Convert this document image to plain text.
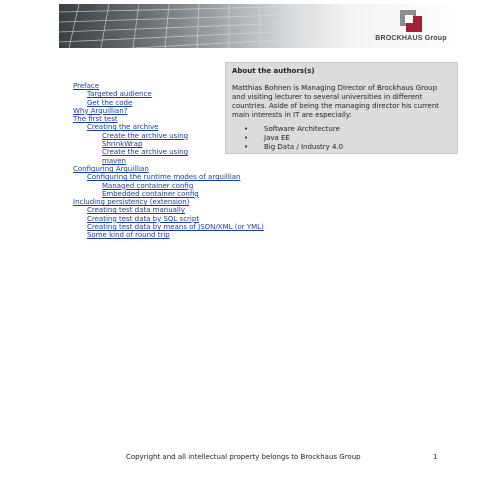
BROCKHAUS Group
About the authors(s)

Matthias Bohnen is Managing Director of Brockhaus Group and visiting lecturer to several universities in different countries. Aside of being the managing director his current main interests in IT are especially:

• Software Architecture
• Java EE
• Big Data / Industry 4.0
Preface
Targeted audience
Get the code
Why Arquillian?
The first test
Creating the archive
Create the archive using
ShrinkWrap
Create the archive using
maven
Configuring Arquillian
Configuring the runtime modes of arquillian
Managed container config
Embedded container config
Including persistency (extension)
Creating test data manually
Creating test data by SQL script
Creating test data by means of JSON/XML (or YML)
Some kind of round trip
Copyright and all intellectual property belongs to Brockhaus Group	1
